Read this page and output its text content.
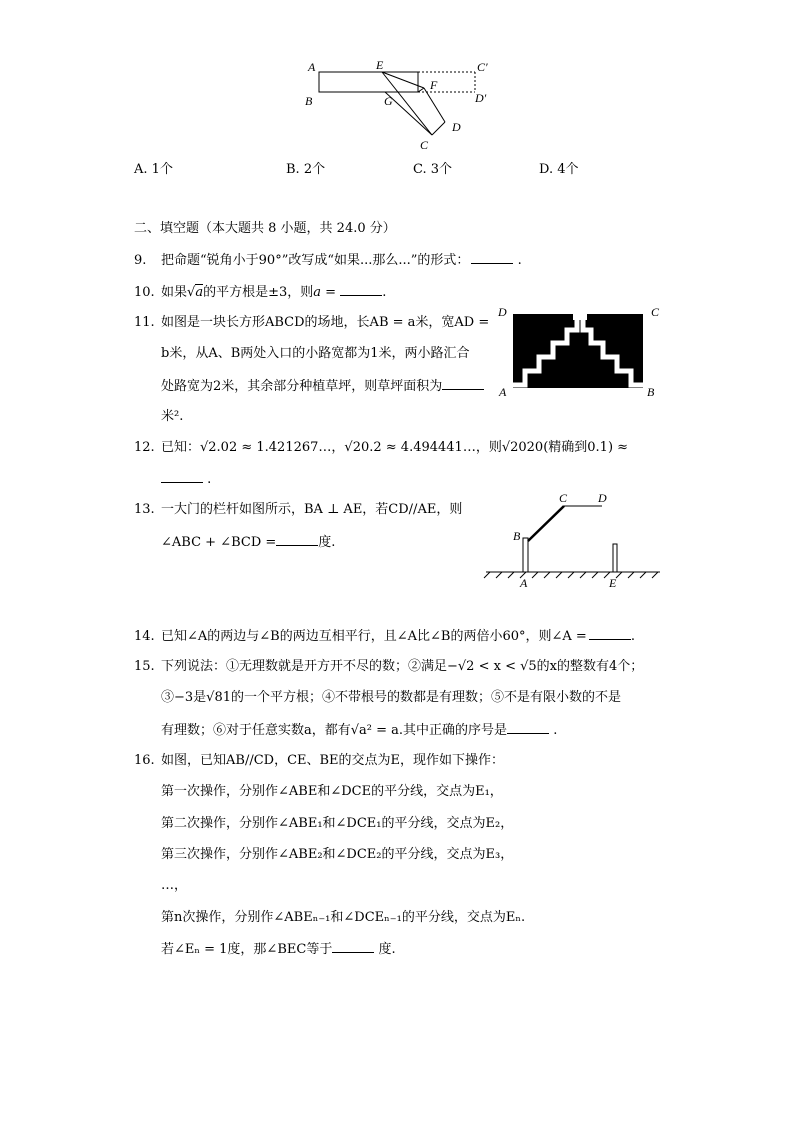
A	E	C′
B	G
F
D′
D
C
A. 1个	B. 2个	C. 3个	D. 4个
二、填空题（本大题共 8 小题，共 24.0 分）
9. 把命题“锐角小于90°”改写成“如果...那么...”的形式：	.
10. 如果√a的平方根是±3，则a =	.
11. 如图是一块长方形ABCD的场地，长AB = a米，宽AD =
b米，从A、B两处入口的小路宽都为1米，两小路汇合
处路宽为2米，其余部分种植草坪，则草坪面积为
米².
D	C
A	B
12. 已知：√2.02 ≈ 1.421267…，√20.2 ≈ 4.494441…，则√2020(精确到0.1) ≈
.
13. 一大门的栏杆如图所示，BA ⊥ AE，若CD//AE，则
∠ABC + ∠BCD =	度.
C	D
B
A	E
14. 已知∠A的两边与∠B的两边互相平行，且∠A比∠B的两倍小60°，则∠A =	.
15. 下列说法：①无理数就是开方开不尽的数；②满足−√2 < x < √5的x的整数有4个；
③−3是√81的一个平方根；④不带根号的数都是有理数；⑤不是有限小数的不是
有理数；⑥对于任意实数a，都有√a² = a.其中正确的序号是	.
16. 如图，已知AB//CD，CE、BE的交点为E，现作如下操作：
第一次操作，分别作∠ABE和∠DCE的平分线，交点为E₁，
第二次操作，分别作∠ABE₁和∠DCE₁的平分线，交点为E₂，
第三次操作，分别作∠ABE₂和∠DCE₂的平分线，交点为E₃，
…，
第n次操作，分别作∠ABEₙ₋₁和∠DCEₙ₋₁的平分线，交点为Eₙ.
若∠Eₙ = 1度，那∠BEC等于	度.
